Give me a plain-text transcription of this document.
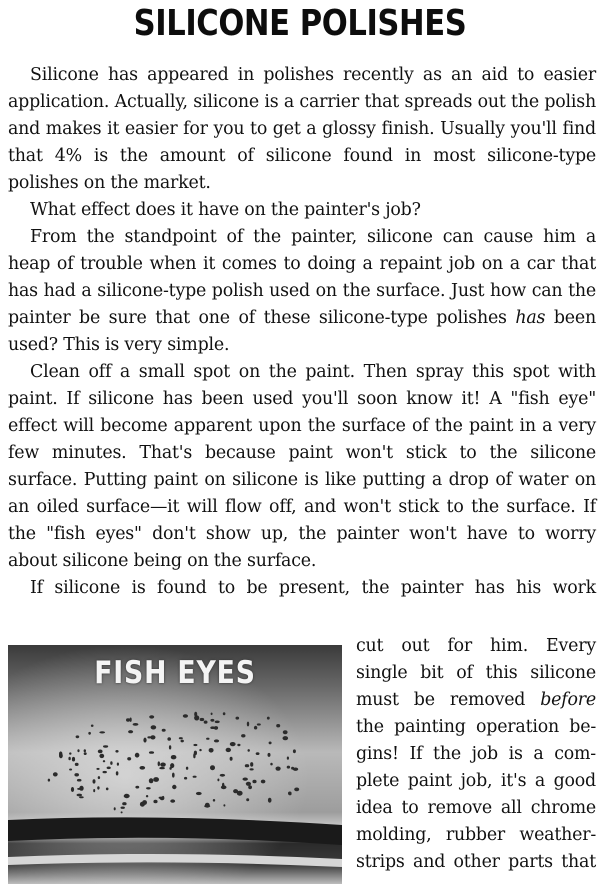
SILICONE POLISHES

Silicone has appeared in polishes recently as an aid to easier application. Actually, silicone is a carrier that spreads out the polish and makes it easier for you to get a glossy finish. Usually you'll find that 4% is the amount of silicone found in most silicone-type polishes on the market.

What effect does it have on the painter's job?

From the standpoint of the painter, silicone can cause him a heap of trouble when it comes to doing a repaint job on a car that has had a silicone-type polish used on the surface. Just how can the painter be sure that one of these silicone-type polishes has been used? This is very simple.

Clean off a small spot on the paint. Then spray this spot with paint. If silicone has been used you'll soon know it! A "fish eye" effect will become apparent upon the surface of the paint in a very few minutes. That's because paint won't stick to the silicone surface. Putting paint on silicone is like putting a drop of water on an oiled surface—it will flow off, and won't stick to the surface. If the "fish eyes" don't show up, the painter won't have to worry about silicone being on the surface.

If silicone is found to be present, the painter has his work

FISH EYES
cut out for him. Every
single bit of this silicone
must be removed before
the painting operation be-
gins! If the job is a com-
plete paint job, it's a good
idea to remove all chrome
molding, rubber weather-
strips and other parts that
